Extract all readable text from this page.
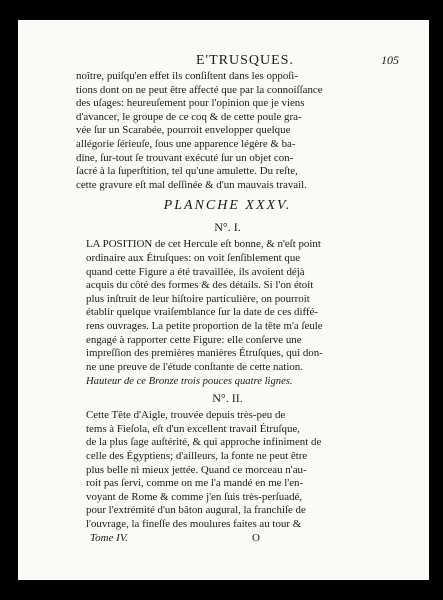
E'TRUSQUES.	105

noître, puiſqu'en effet ils conſiſtent dans les oppoſi-
tions dont on ne peut être affecté que par la connoiſſance
des uſages: heureuſement pour l'opinion que je viens
d'avancer, le groupe de ce coq & de cette poule gra-
vée ſur un Scarabée, pourroit envelopper quelque
allégorie ſérieuſe, ſous une apparence légère & ba-
dine, ſur-tout ſe trouvant exécuté ſur un objet con-
ſacré à la ſuperſtition, tel qu'une amulette. Du reſte,
cette gravure eſt mal deſſinée & d'un mauvais travail.

PLANCHE XXXV.
N°. I.

LA POSITION de cet Hercule eſt bonne, & n'eſt point
ordinaire aux Étruſques: on voit ſenſiblement que
quand cette Figure a été travaillée, ils avoient déjà
acquis du côté des formes & des détails. Si l'on étoit
plus inſtruit de leur hiſtoire particulière, on pourroit
établir quelque vraiſemblance ſur la date de ces diffé-
rens ouvrages. La petite proportion de la tête m'a ſeule
engagé à rapporter cette Figure: elle conſerve une
impreſſion des premières manières Étruſques, qui don-
ne une preuve de l'étude conſtante de cette nation.

Hauteur de ce Bronze trois pouces quatre lignes.
N°. II.

Cette Tête d'Aigle, trouvée depuis très-peu de
tems à Fieſola, eſt d'un excellent travail Étruſque,
de la plus ſage auſtérité, & qui approche infiniment de
celle des Égyptiens; d'ailleurs, la fonte ne peut être
plus belle ni mieux jettée. Quand ce morceau n'au-
roit pas ſervi, comme on me l'a mandé en me l'en-
voyant de Rome & comme j'en ſuis très-perſuadé,
pour l'extrémité d'un bâton augural, la franchiſe de
l'ouvrage, la fineſſe des moulures faites au tour &

Tome IV.	O
